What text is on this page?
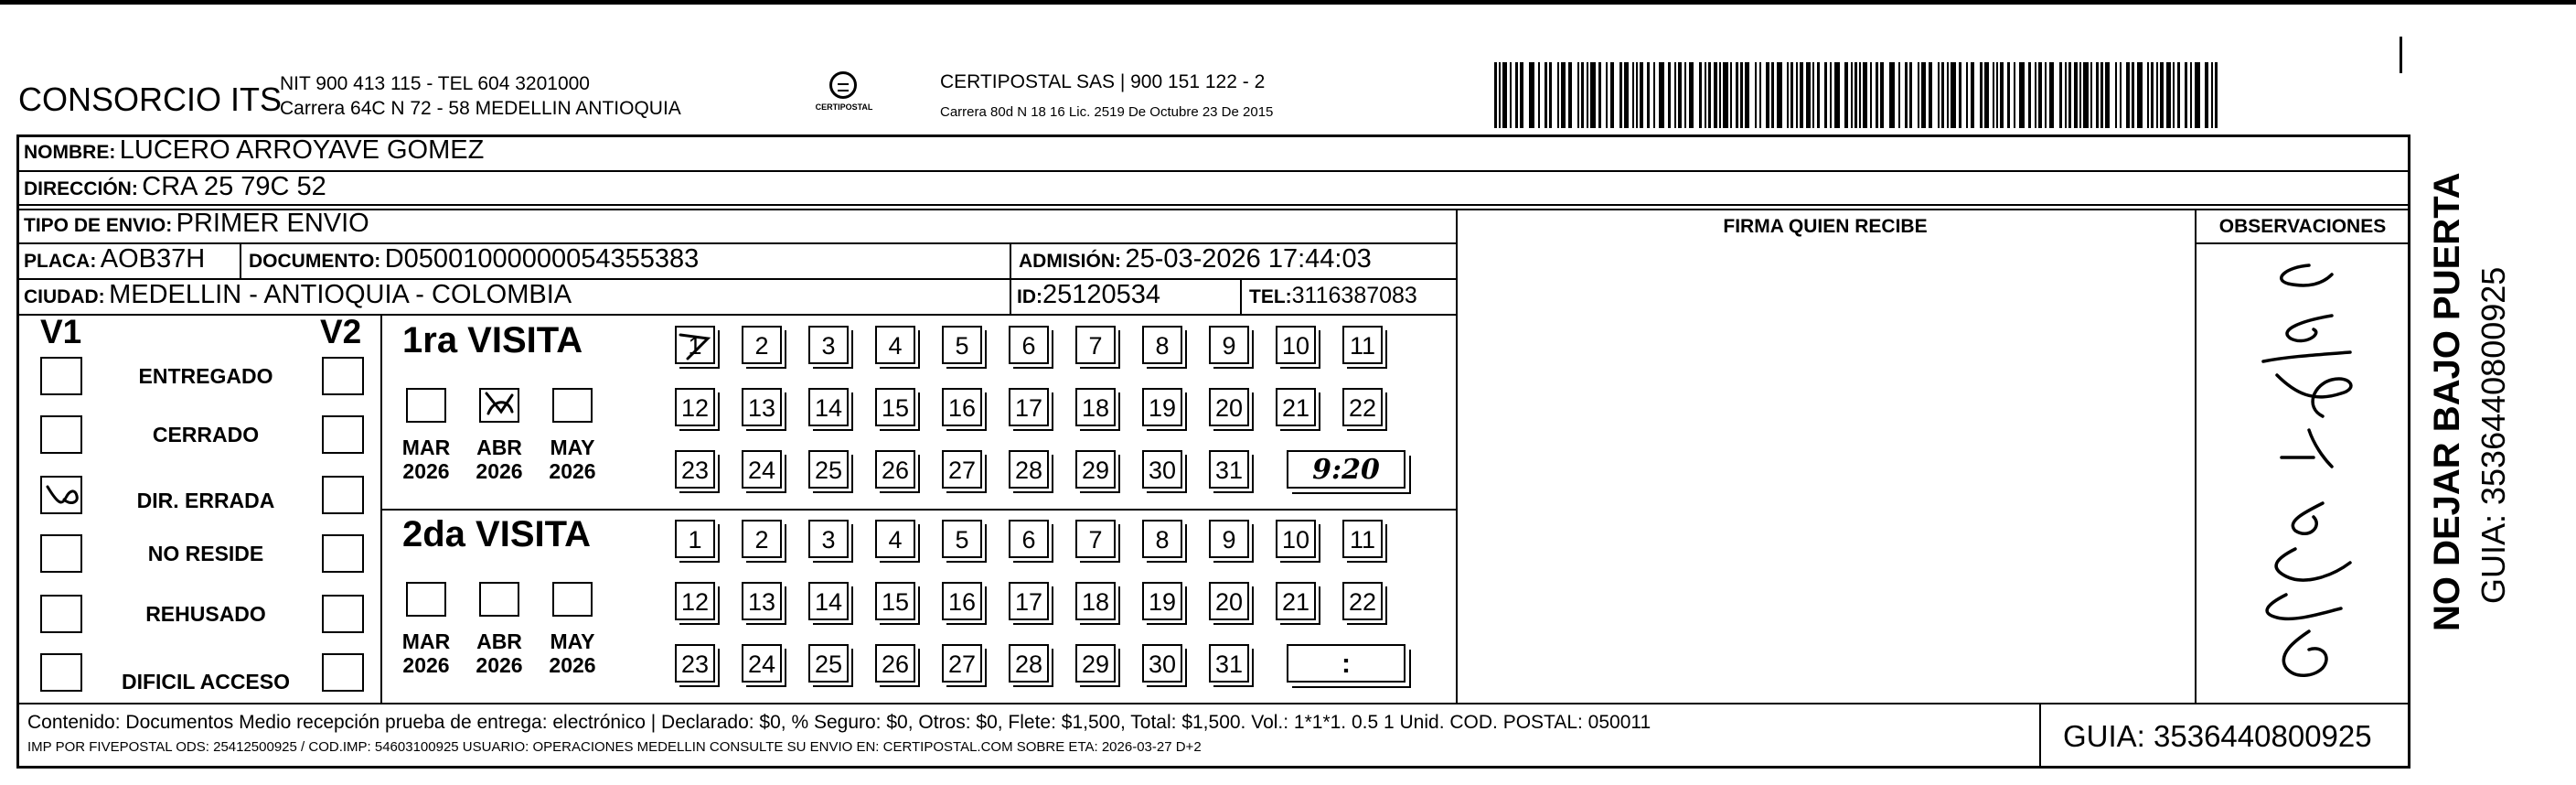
CONSORCIO ITS
NIT 900 413 115 - TEL 604 3201000
Carrera 64C N 72 - 58 MEDELLIN ANTIOQUIA	CERTIPOSTAL
CERTIPOSTAL SAS | 900 151 122 - 2
Carrera 80d N 18 16 Lic. 2519 De Octubre 23 De 2015
NOMBRE: LUCERO ARROYAVE GOMEZ
DIRECCIÓN: CRA 25 79C 52
TIPO DE ENVIO: PRIMER ENVIO
PLACA: AOB37H DOCUMENTO: D05001000000054355383	ADMISIÓN: 25-03-2026 17:44:03
CIUDAD: MEDELLIN - ANTIOQUIA - COLOMBIA	ID:25120534	TEL:3116387083
FIRMA QUIEN RECIBE	OBSERVACIONES
V1	V2
ENTREGADO
CERRADO
DIR. ERRADA
NO RESIDE
REHUSADO
DIFICIL ACCESO
1ra VISITA
MAR
2026
ABR
2026
MAY
2026
1	2	3	4	5	6	7	8	9	10 11
12 13 14 15 16 17 18 19 20 21 22
23 24 25 26 27 28 29 30 31	9:20
2da VISITA
MAR
2026
ABR
2026
MAY
2026
1	2	3	4	5	6	7	8	9	10 11
12 13 14 15 16 17 18 19 20 21 22
23 24 25 26 27 28 29 30 31	:
NO DEJAR BAJO PUERTA GUIA: 3536440800925
Contenido: Documentos Medio recepción prueba de entrega: electrónico | Declarado: $0, % Seguro: $0, Otros: $0, Flete: $1,500, Total: $1,500. Vol.: 1*1*1. 0.5 1 Unid. COD. POSTAL: 050011
IMP POR FIVEPOSTAL ODS: 25412500925 / COD.IMP: 54603100925 USUARIO: OPERACIONES MEDELLIN CONSULTE SU ENVIO EN: CERTIPOSTAL.COM SOBRE ETA: 2026-03-27 D+2	GUIA: 3536440800925
